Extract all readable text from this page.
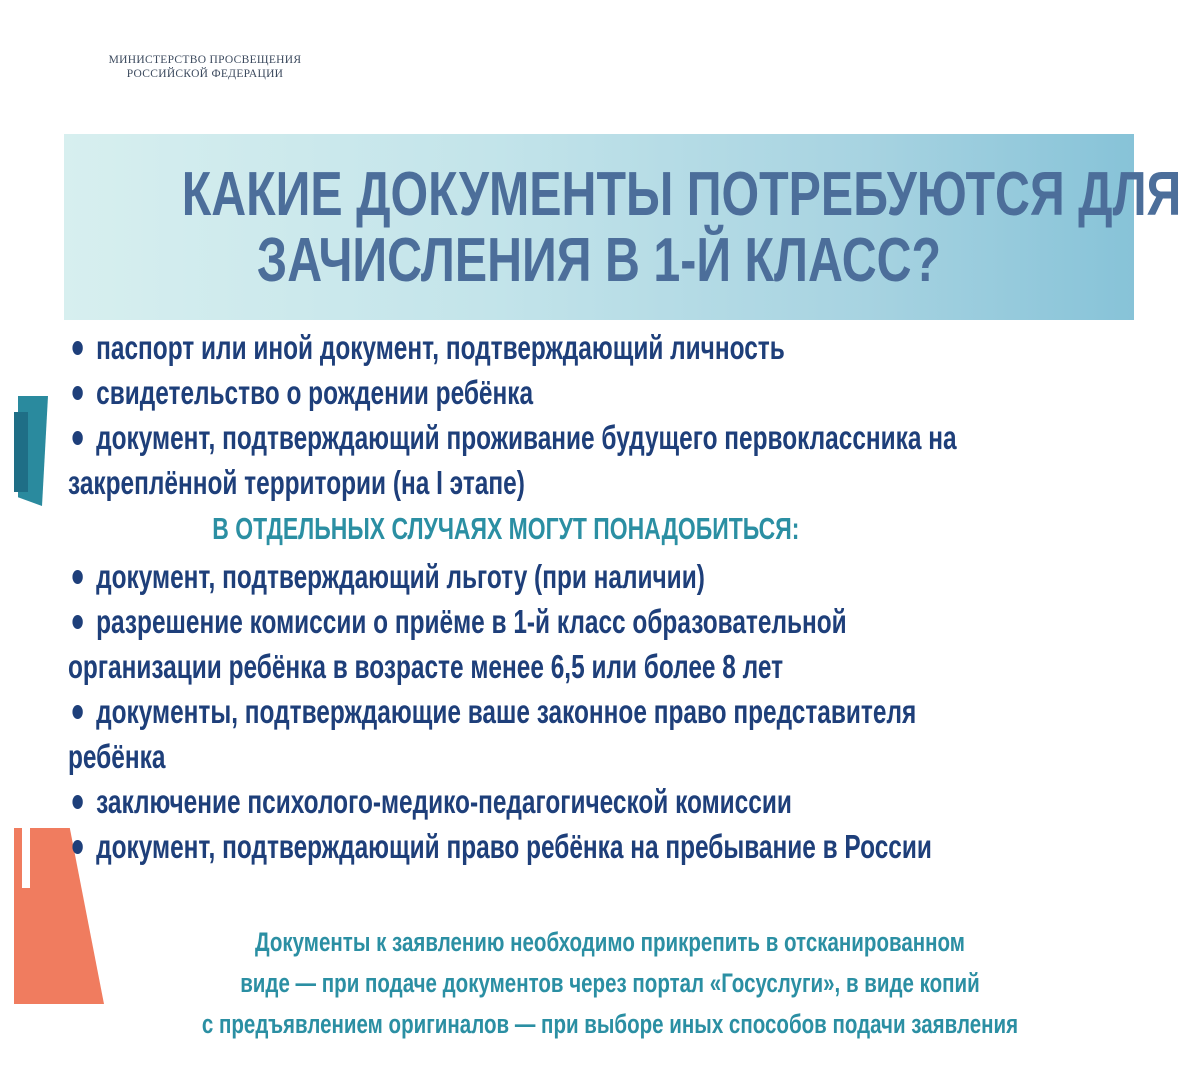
МИНИСТЕРСТВО ПРОСВЕЩЕНИЯ
РОССИЙСКОЙ ФЕДЕРАЦИИ
КАКИЕ ДОКУМЕНТЫ ПОТРЕБУЮТСЯ ДЛЯ
ЗАЧИСЛЕНИЯ В 1-Й КЛАСС?
паспорт или иной документ, подтверждающий личность
свидетельство о рождении ребёнка
документ, подтверждающий проживание будущего первоклассника на
закреплённой территории (на I этапе)
В ОТДЕЛЬНЫХ СЛУЧАЯХ МОГУТ ПОНАДОБИТЬСЯ:
документ, подтверждающий льготу (при наличии)
разрешение комиссии о приёме в 1-й класс образовательной
организации ребёнка в возрасте менее 6,5 или более 8 лет
документы, подтверждающие ваше законное право представителя
ребёнка
заключение психолого-медико-педагогической комиссии
документ, подтверждающий право ребёнка на пребывание в России
Документы к заявлению необходимо прикрепить в отсканированном
виде — при подаче документов через портал «Госуслуги», в виде копий
с предъявлением оригиналов — при выборе иных способов подачи заявления
